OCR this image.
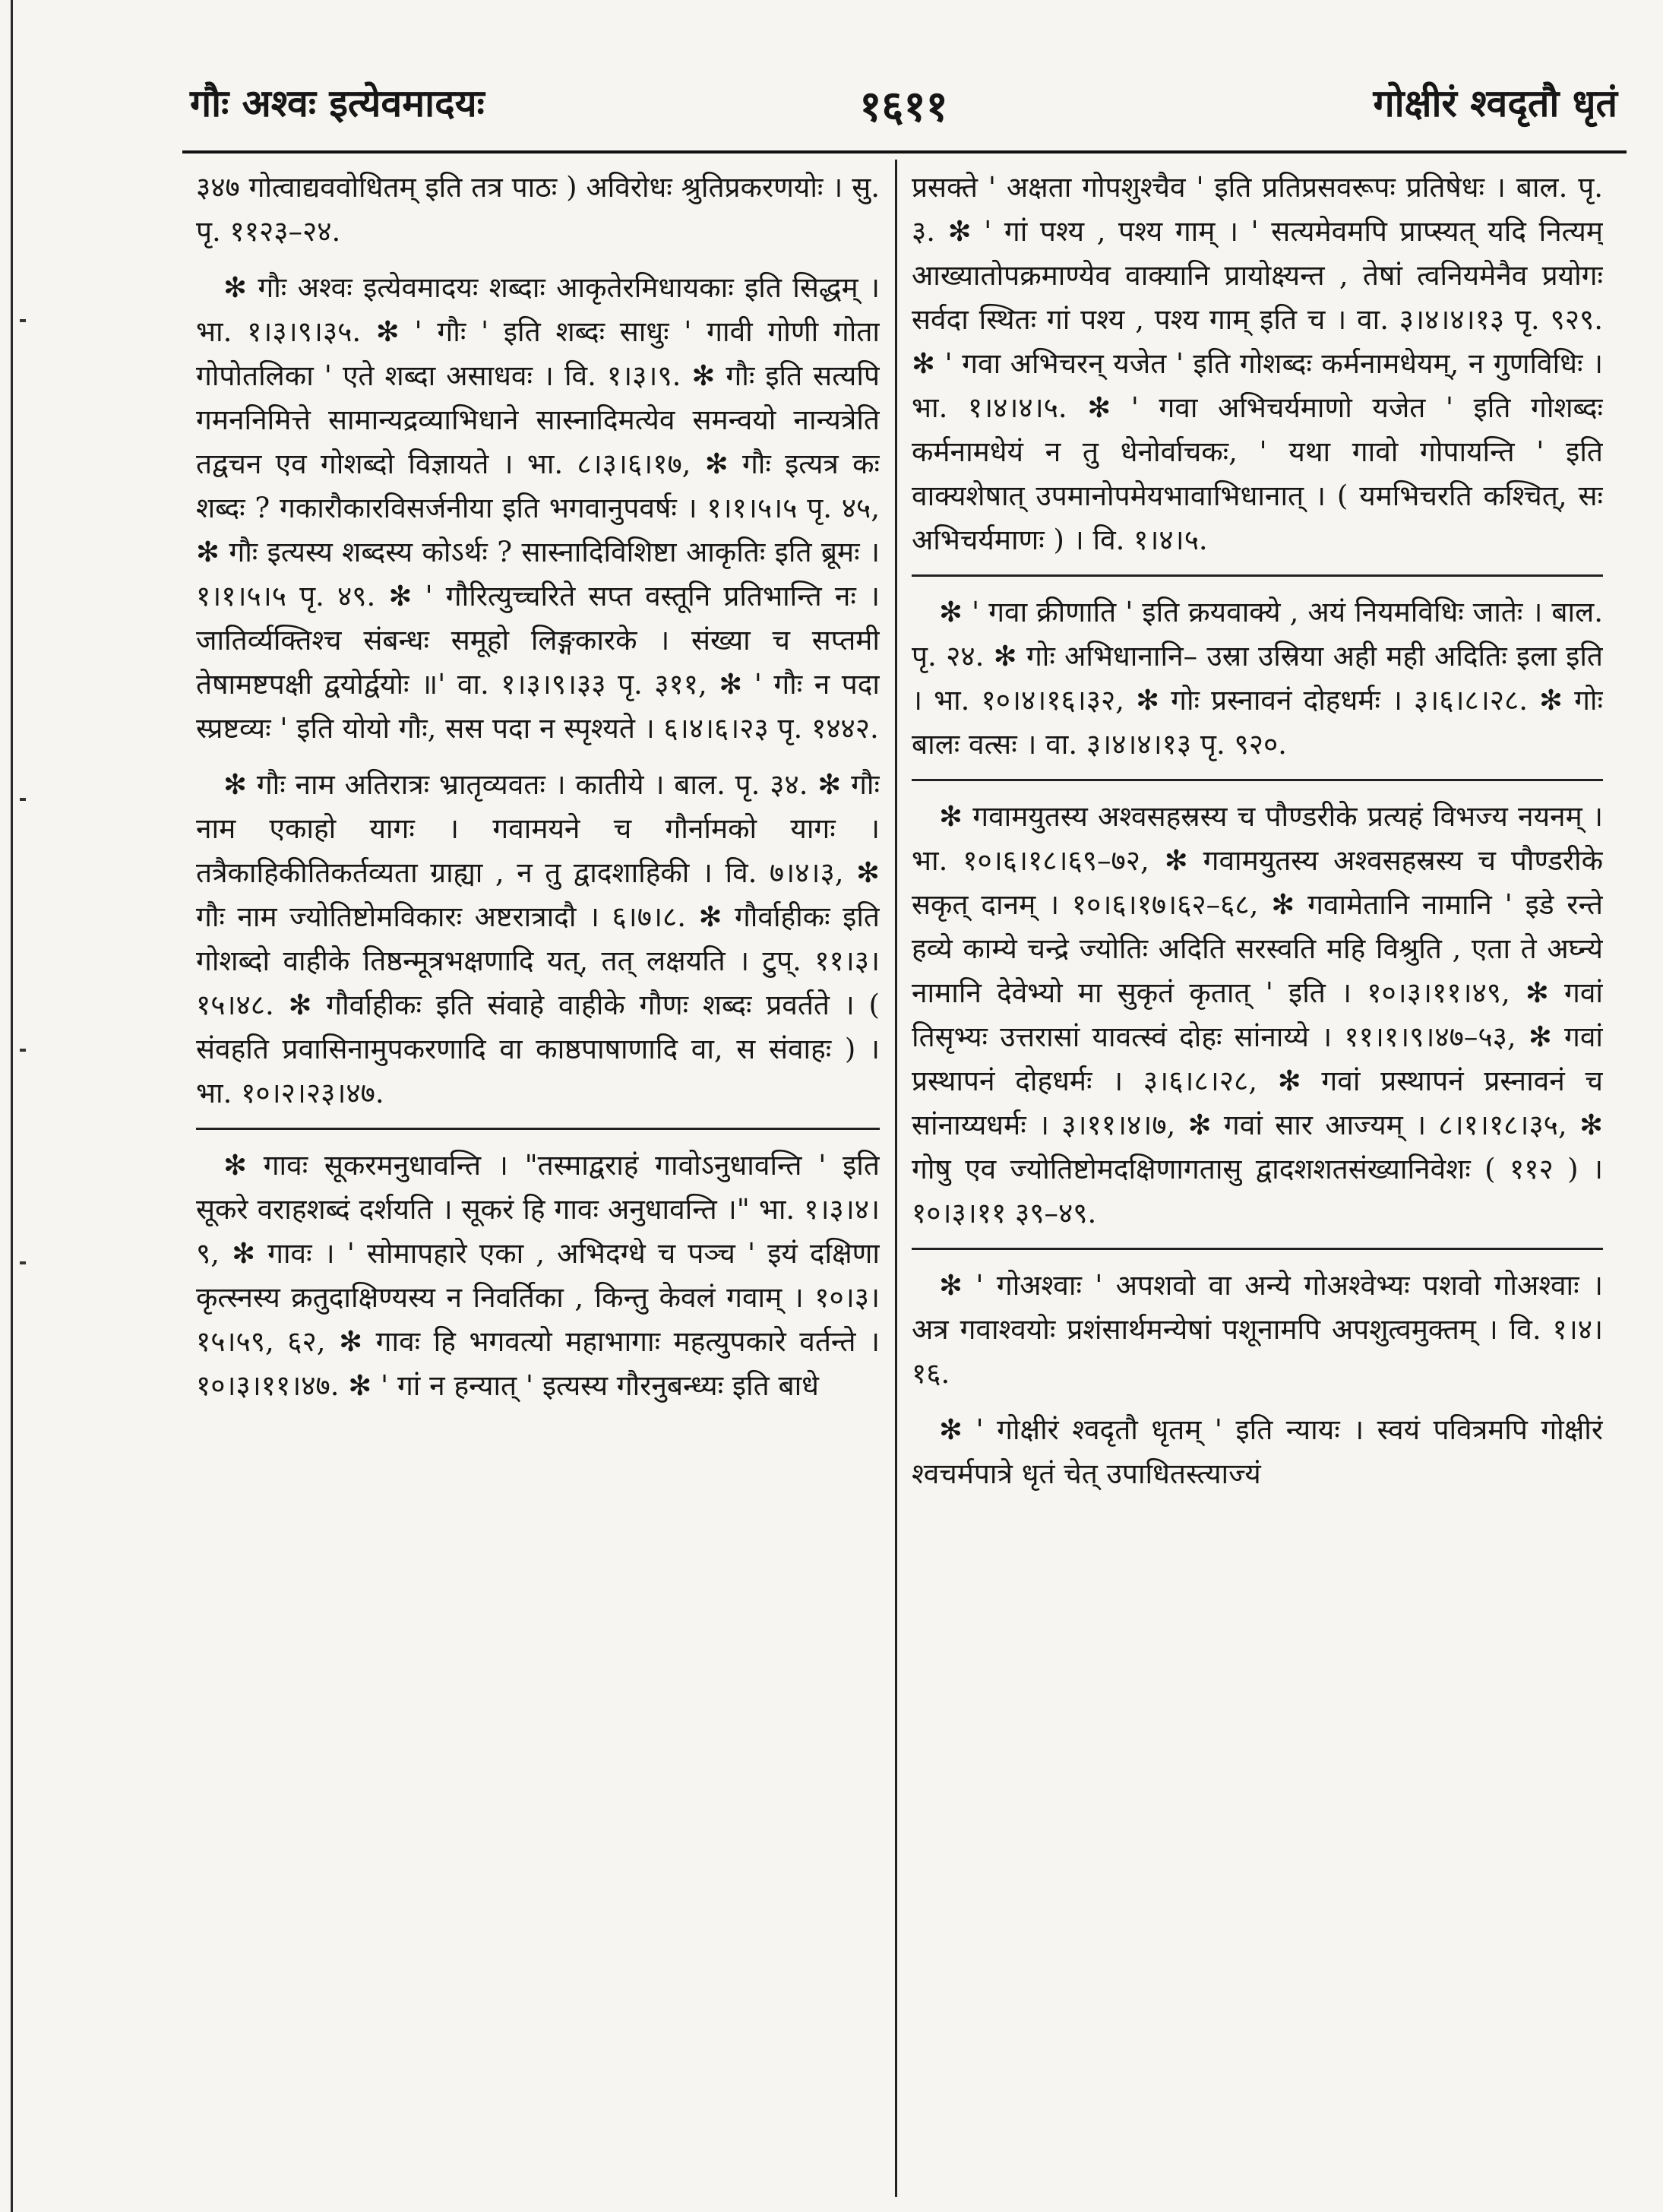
गौः अश्वः इत्येवमादयः	१६११	गोक्षीरं श्वदृतौ धृतं

३४७ गोत्वाद्यववोधितम् इति तत्र पाठः ) अविरोधः श्रुतिप्रकरणयोः । सु. पृ. ११२३–२४.

✻ गौः अश्वः इत्येवमादयः शब्दाः आकृतेरमिधायकाः इति सिद्धम् । भा. १।३।९।३५. ✻ ' गौः ' इति शब्दः साधुः ' गावी गोणी गोता गोपोतलिका ' एते शब्दा असाधवः । वि. १।३।९. ✻ गौः इति सत्यपि गमननिमित्ते सामान्यद्रव्याभिधाने सास्नादिमत्येव समन्वयो नान्यत्रेति तद्वचन एव गोशब्दो विज्ञायते । भा. ८।३।६।१७, ✻ गौः इत्यत्र कः शब्दः ? गकारौकारविसर्जनीया इति भगवानुपवर्षः । १।१।५।५ पृ. ४५, ✻ गौः इत्यस्य शब्दस्य कोऽर्थः ? सास्नादिविशिष्टा आकृतिः इति ब्रूमः । १।१।५।५ पृ. ४९. ✻ ' गौरित्युच्चरिते सप्त वस्तूनि प्रतिभान्ति नः । जातिर्व्यक्तिश्च संबन्धः समूहो लिङ्गकारके । संख्या च सप्तमी तेषामष्टपक्षी द्वयोर्द्वयोः ॥' वा. १।३।९।३३ पृ. ३११, ✻ ' गौः न पदा स्प्रष्टव्यः ' इति योयो गौः, सस पदा न स्पृश्यते । ६।४।६।२३ पृ. १४४२.

✻ गौः नाम अतिरात्रः भ्रातृव्यवतः । कातीये । बाल. पृ. ३४. ✻ गौः नाम एकाहो यागः । गवामयने च गौर्नामको यागः । तत्रैकाहिकीतिकर्तव्यता ग्राह्या , न तु द्वादशाहिकी । वि. ७।४।३, ✻ गौः नाम ज्योतिष्टोमविकारः अष्टरात्रादौ । ६।७।८. ✻ गौर्वाहीकः इति गोशब्दो वाहीके तिष्ठन्मूत्रभक्षणादि यत्, तत् लक्षयति । टुप्. ११।३।१५।४८. ✻ गौर्वाहीकः इति संवाहे वाहीके गौणः शब्दः प्रवर्तते । ( संवहति प्रवासिनामुपकरणादि वा काष्ठपाषाणादि वा, स संवाहः ) । भा. १०।२।२३।४७.

✻ गावः सूकरमनुधावन्ति । "तस्माद्वराहं गावोऽनुधावन्ति ' इति सूकरे वराहशब्दं दर्शयति । सूकरं हि गावः अनुधावन्ति ।" भा. १।३।४।९, ✻ गावः । ' सोमापहारे एका , अभिदग्धे च पञ्च ' इयं दक्षिणा कृत्स्नस्य क्रतुदाक्षिण्यस्य न निवर्तिका , किन्तु केवलं गवाम् । १०।३।१५।५९, ६२, ✻ गावः हि भगवत्यो महाभागाः महत्युपकारे वर्तन्ते । १०।३।११।४७. ✻ ' गां न हन्यात् ' इत्यस्य गौरनुबन्ध्यः इति बाधे

प्रसक्ते ' अक्षता गोपशुश्चैव ' इति प्रतिप्रसवरूपः प्रतिषेधः । बाल. पृ. ३. ✻ ' गां पश्य , पश्य गाम् । ' सत्यमेवमपि प्राप्स्यत् यदि नित्यम् आख्यातोपक्रमाण्येव वाक्यानि प्रायोक्ष्यन्त , तेषां त्वनियमेनैव प्रयोगः सर्वदा स्थितः गां पश्य , पश्य गाम् इति च । वा. ३।४।४।१३ पृ. ९२९. ✻ ' गवा अभिचरन् यजेत ' इति गोशब्दः कर्मनामधेयम्, न गुणविधिः । भा. १।४।४।५. ✻ ' गवा अभिचर्यमाणो यजेत ' इति गोशब्दः कर्मनामधेयं न तु धेनोर्वाचकः, ' यथा गावो गोपायन्ति ' इति वाक्यशेषात् उपमानोपमेयभावाभिधानात् । ( यमभिचरति कश्चित्, सः अभिचर्यमाणः ) । वि. १।४।५.

✻ ' गवा क्रीणाति ' इति क्रयवाक्ये , अयं नियमविधिः जातेः । बाल. पृ. २४. ✻ गोः अभिधानानि– उस्रा उस्रिया अही मही अदितिः इला इति । भा. १०।४।१६।३२, ✻ गोः प्रस्नावनं दोहधर्मः । ३।६।८।२८. ✻ गोः बालः वत्सः । वा. ३।४।४।१३ पृ. ९२०.

✻ गवामयुतस्य अश्वसहस्रस्य च पौण्डरीके प्रत्यहं विभज्य नयनम् । भा. १०।६।१८।६९–७२, ✻ गवामयुतस्य अश्वसहस्रस्य च पौण्डरीके सकृत् दानम् । १०।६।१७।६२–६८, ✻ गवामेतानि नामानि ' इडे रन्ते हव्ये काम्ये चन्द्रे ज्योतिः अदिति सरस्वति महि विश्रुति , एता ते अघ्न्ये नामानि देवेभ्यो मा सुकृतं कृतात् ' इति । १०।३।११।४९, ✻ गवां तिसृभ्यः उत्तरासां यावत्स्वं दोहः सांनाय्ये । ११।१।९।४७–५३, ✻ गवां प्रस्थापनं दोहधर्मः । ३।६।८।२८, ✻ गवां प्रस्थापनं प्रस्नावनं च सांनाय्यधर्मः । ३।११।४।७, ✻ गवां सार आज्यम् । ८।१।१८।३५, ✻ गोषु एव ज्योतिष्टोमदक्षिणागतासु द्वादशशतसंख्यानिवेशः ( ११२ ) । १०।३।११ ३९–४९.

✻ ' गोअश्वाः ' अपशवो वा अन्ये गोअश्वेभ्यः पशवो गोअश्वाः । अत्र गवाश्वयोः प्रशंसार्थमन्येषां पशूनामपि अपशुत्वमुक्तम् । वि. १।४।१६.

✻ ' गोक्षीरं श्वदृतौ धृतम् ' इति न्यायः । स्वयं पवित्रमपि गोक्षीरं श्वचर्मपात्रे धृतं चेत् उपाधितस्त्याज्यं
